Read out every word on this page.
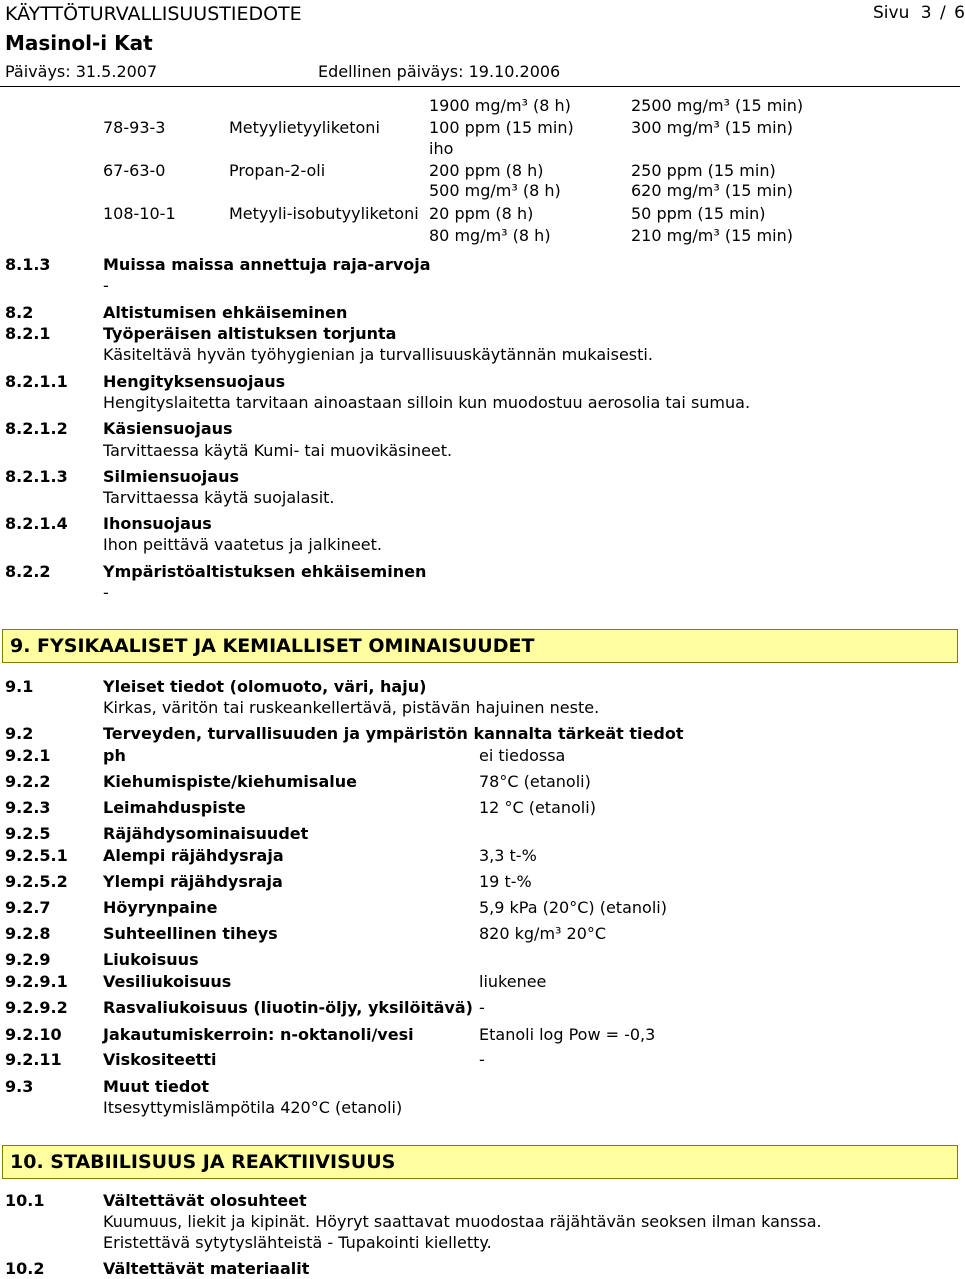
KÄYTTÖTURVALLISUUSTIEDOTE	Sivu 3 / 6
Masinol-i Kat
Päiväys: 31.5.2007	Edellinen päiväys: 19.10.2006
1900 mg/m³ (8 h)	2500 mg/m³ (15 min)
78-93-3	Metyylietyyliketoni	100 ppm (15 min)	300 mg/m³ (15 min)
iho
67-63-0	Propan-2-oli	200 ppm (8 h)	250 ppm (15 min)
500 mg/m³ (8 h)	620 mg/m³ (15 min)
108-10-1	Metyyli-isobutyyliketoni 20 ppm (8 h)	50 ppm (15 min)
80 mg/m³ (8 h)	210 mg/m³ (15 min)
8.1.3	Muissa maissa annettuja raja-arvoja
-
8.2	Altistumisen ehkäiseminen
8.2.1	Työperäisen altistuksen torjunta
Käsiteltävä hyvän työhygienian ja turvallisuuskäytännän mukaisesti.
8.2.1.1 Hengityksensuojaus
Hengityslaitetta tarvitaan ainoastaan silloin kun muodostuu aerosolia tai sumua.
8.2.1.2 Käsiensuojaus
Tarvittaessa käytä Kumi- tai muovikäsineet.
8.2.1.3 Silmiensuojaus
Tarvittaessa käytä suojalasit.
8.2.1.4 Ihonsuojaus
Ihon peittävä vaatetus ja jalkineet.
8.2.2	Ympäristöaltistuksen ehkäiseminen
-
9. FYSIKAALISET JA KEMIALLISET OMINAISUUDET
9.1	Yleiset tiedot (olomuoto, väri, haju)
Kirkas, väritön tai ruskeankellertävä, pistävän hajuinen neste.
9.2	Terveyden, turvallisuuden ja ympäristön kannalta tärkeät tiedot
9.2.1	ph	ei tiedossa
9.2.2	Kiehumispiste/kiehumisalue	78°C (etanoli)
9.2.3	Leimahduspiste	12 °C (etanoli)
9.2.5	Räjähdysominaisuudet
9.2.5.1 Alempi räjähdysraja	3,3 t-%
9.2.5.2 Ylempi räjähdysraja	19 t-%
9.2.7	Höyrynpaine	5,9 kPa (20°C) (etanoli)
9.2.8	Suhteellinen tiheys	820 kg/m³ 20°C
9.2.9	Liukoisuus
9.2.9.1 Vesiliukoisuus	liukenee
9.2.9.2 Rasvaliukoisuus (liuotin-öljy, yksilöitävä) -
9.2.10	Jakautumiskerroin: n-oktanoli/vesi	Etanoli log Pow = -0,3
9.2.11	Viskositeetti	-
9.3	Muut tiedot
Itsesyttymislämpötila 420°C (etanoli)
10. STABIILISUUS JA REAKTIIVISUUS
10.1	Vältettävät olosuhteet
Kuumuus, liekit ja kipinät. Höyryt saattavat muodostaa räjähtävän seoksen ilman kanssa.
Eristettävä sytytyslähteistä - Tupakointi kielletty.
10.2	Vältettävät materiaalit
